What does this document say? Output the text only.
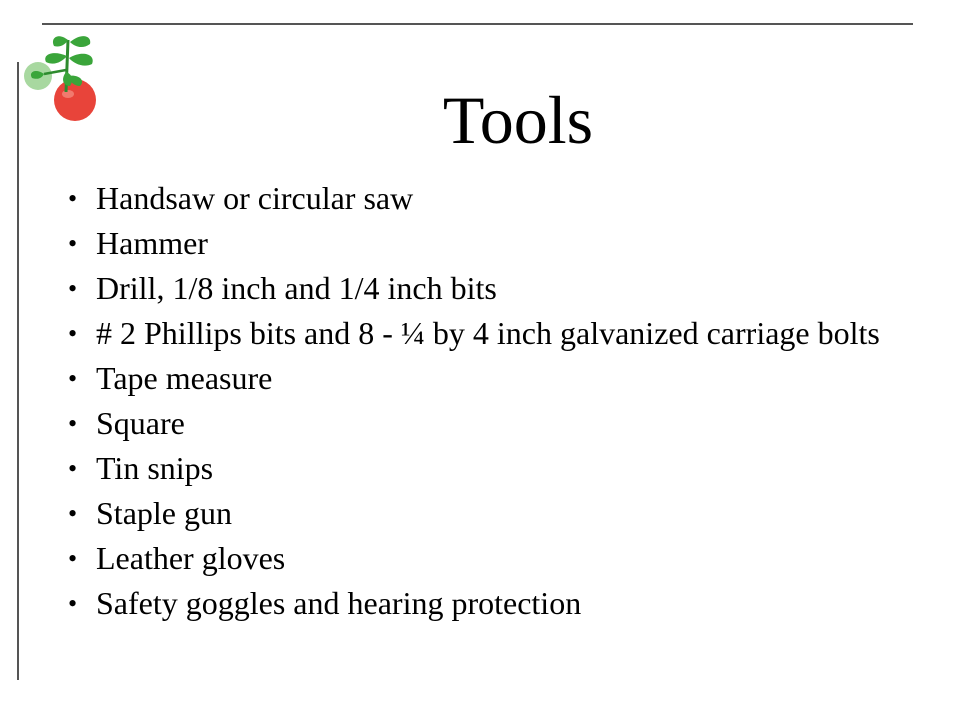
Tools
• Handsaw or circular saw
• Hammer
• Drill, 1/8 inch and 1/4 inch bits
• # 2 Phillips bits and 8 - ¼ by 4 inch galvanized carriage bolts
• Tape measure
• Square
• Tin snips
• Staple gun
• Leather gloves
• Safety goggles and hearing protection
